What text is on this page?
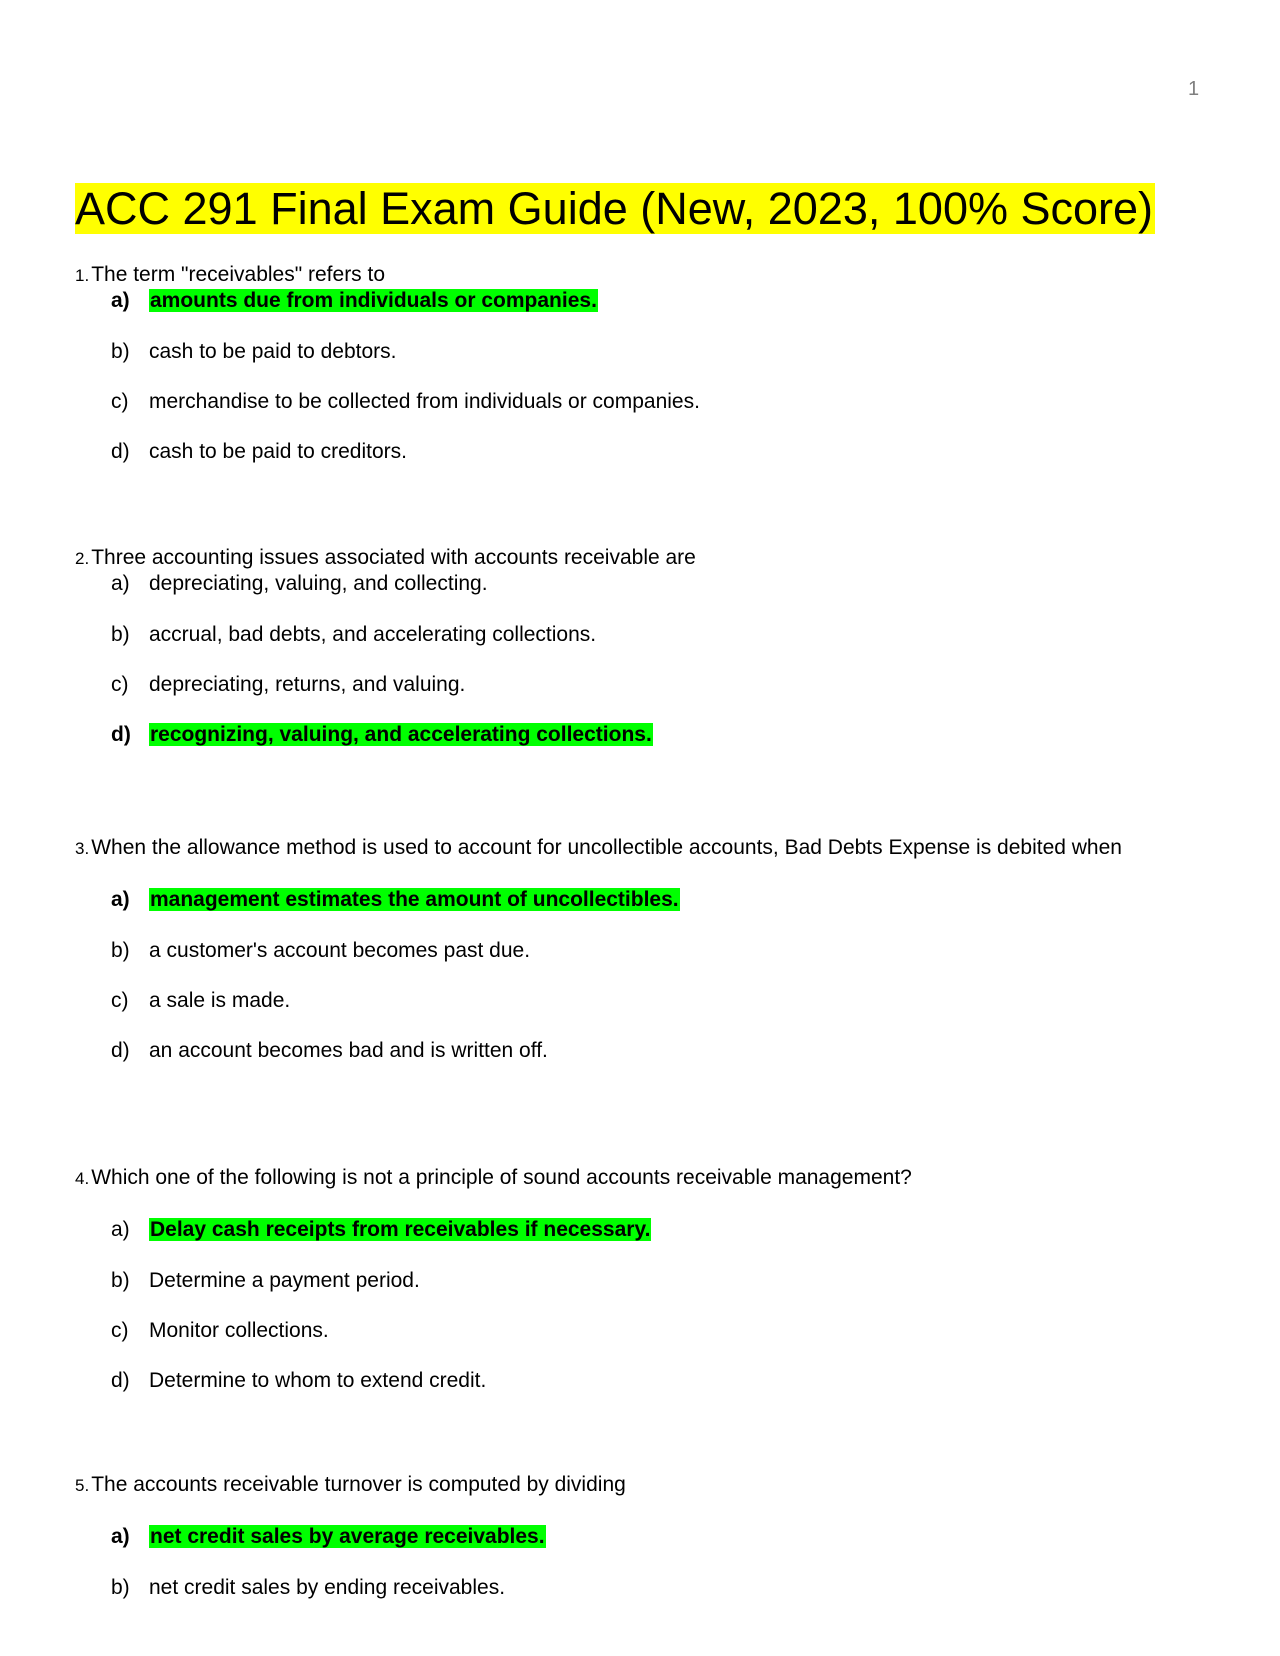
1
ACC 291 Final Exam Guide (New, 2023, 100% Score)

1.The term "receivables" refers to

a) amounts due from individuals or companies.
b) cash to be paid to debtors.
c) merchandise to be collected from individuals or companies.
d) cash to be paid to creditors.

2.Three accounting issues associated with accounts receivable are

a) depreciating, valuing, and collecting.
b) accrual, bad debts, and accelerating collections.
c) depreciating, returns, and valuing.
d) recognizing, valuing, and accelerating collections.

3.When the allowance method is used to account for uncollectible accounts, Bad Debts Expense is debited when

a) management estimates the amount of uncollectibles.
b) a customer's account becomes past due.
c) a sale is made.
d) an account becomes bad and is written off.

4.Which one of the following is not a principle of sound accounts receivable management?

a) Delay cash receipts from receivables if necessary.
b) Determine a payment period.
c) Monitor collections.
d) Determine to whom to extend credit.

5.The accounts receivable turnover is computed by dividing

a) net credit sales by average receivables.
b) net credit sales by ending receivables.
